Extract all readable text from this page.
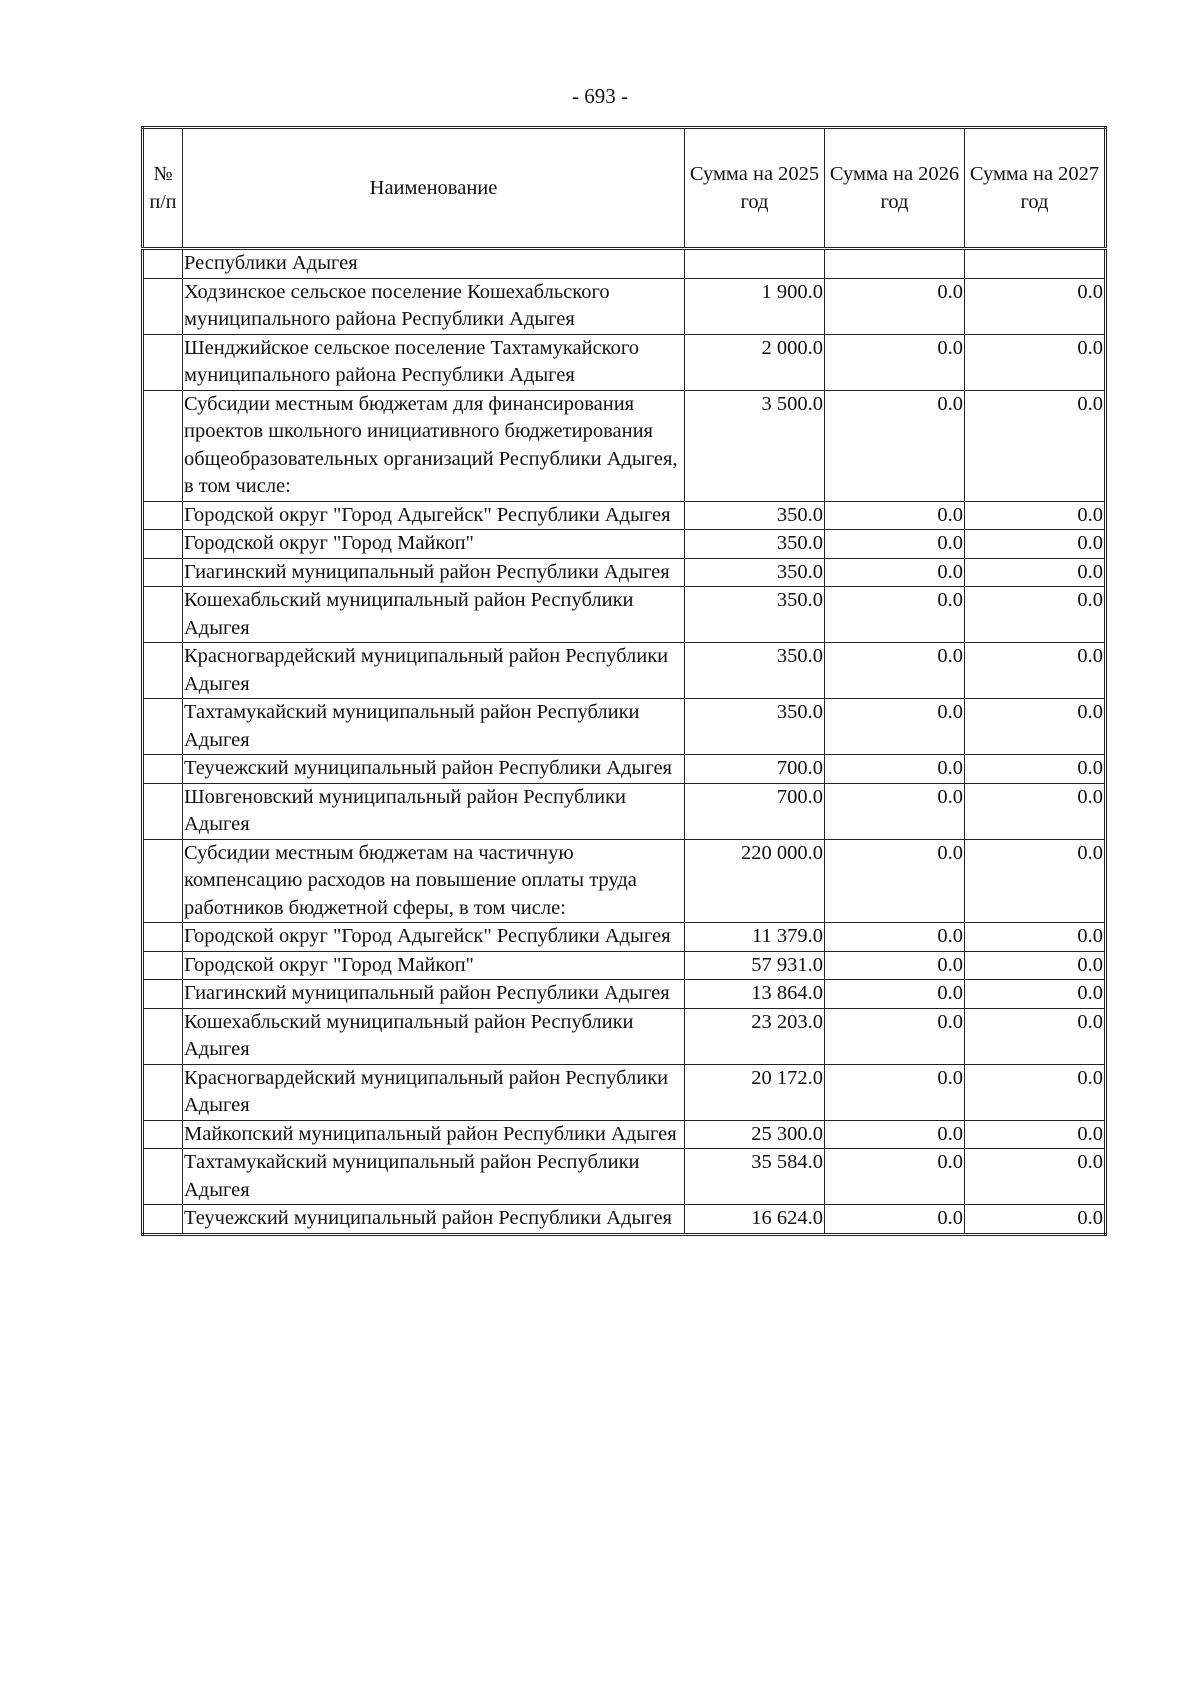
- 693 -
№ п/п	Наименование	Сумма на 2025 год	Сумма на 2026 год	Сумма на 2027 год
	Республики Адыгея			
	Ходзинское сельское поселение Кошехабльского муниципального района Республики Адыгея	1 900.0	0.0	0.0
	Шенджийское сельское поселение Тахтамукайского муниципального района Республики Адыгея	2 000.0	0.0	0.0
	Субсидии местным бюджетам для финансирования проектов школьного инициативного бюджетирования общеобразовательных организаций Республики Адыгея, в том числе:	3 500.0	0.0	0.0
	Городской округ "Город Адыгейск" Республики Адыгея	350.0	0.0	0.0
	Городской округ "Город Майкоп"	350.0	0.0	0.0
	Гиагинский муниципальный район Республики Адыгея	350.0	0.0	0.0
	Кошехабльский муниципальный район Республики Адыгея	350.0	0.0	0.0
	Красногвардейский муниципальный район Республики Адыгея	350.0	0.0	0.0
	Тахтамукайский муниципальный район Республики Адыгея	350.0	0.0	0.0
	Теучежский муниципальный район Республики Адыгея	700.0	0.0	0.0
	Шовгеновский муниципальный район Республики Адыгея	700.0	0.0	0.0
	Субсидии местным бюджетам на частичную компенсацию расходов на повышение оплаты труда работников бюджетной сферы, в том числе:	220 000.0	0.0	0.0
	Городской округ "Город Адыгейск" Республики Адыгея	11 379.0	0.0	0.0
	Городской округ "Город Майкоп"	57 931.0	0.0	0.0
	Гиагинский муниципальный район Республики Адыгея	13 864.0	0.0	0.0
	Кошехабльский муниципальный район Республики Адыгея	23 203.0	0.0	0.0
	Красногвардейский муниципальный район Республики Адыгея	20 172.0	0.0	0.0
	Майкопский муниципальный район Республики Адыгея	25 300.0	0.0	0.0
	Тахтамукайский муниципальный район Республики Адыгея	35 584.0	0.0	0.0
	Теучежский муниципальный район Республики Адыгея	16 624.0	0.0	0.0
